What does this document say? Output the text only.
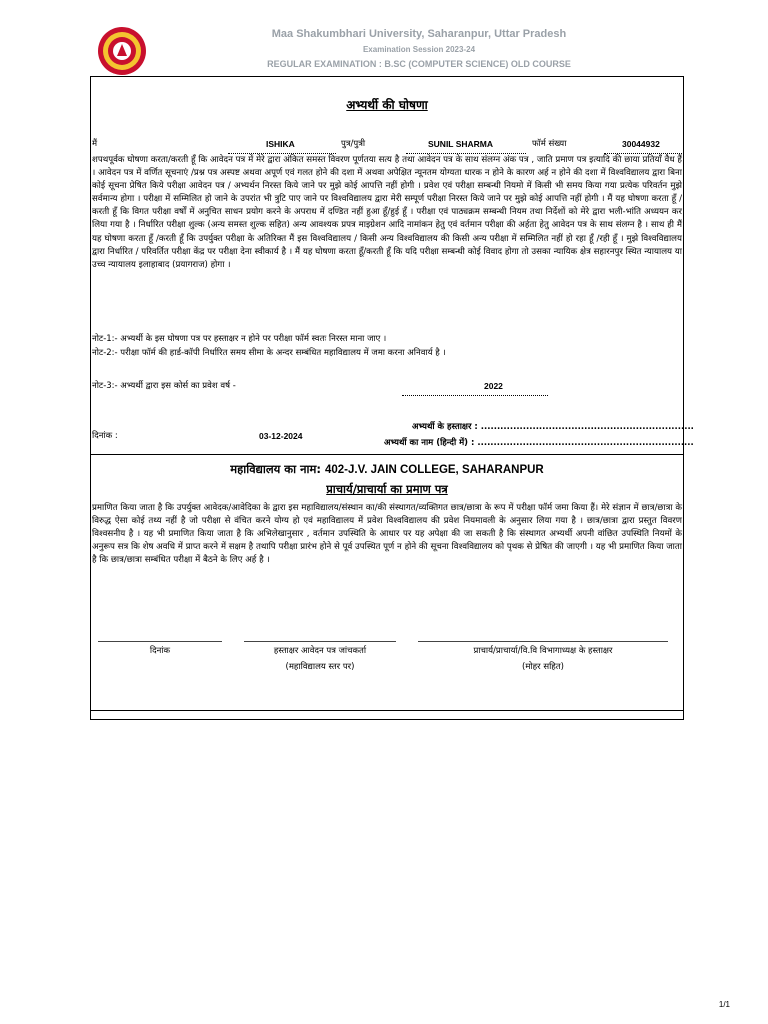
Maa Shakumbhari University, Saharanpur, Uttar Pradesh
Examination Session 2023-24
REGULAR EXAMINATION : B.SC (COMPUTER SCIENCE) OLD COURSE
अभ्यर्थी की घोषणा
मैं	ISHIKA	पुत्र/पुत्री	SUNIL SHARMA	फॉर्म संख्या	30044932
शपथपूर्वक घोषणा करता/करती हूँ कि आवेदन पत्र में मेरे द्वारा अंकित समस्त विवरण पूर्णतया सत्य है तथा आवेदन पत्र के साथ संलग्न अंक पत्र , जाति प्रमाण पत्र इत्यादि की छाया प्रतियाँ वैध हैं । आवेदन पत्र में वर्णित सूचनाएं /प्रश्न पत्र अस्पष्ट अथवा अपूर्ण एवं गलत होने की दशा में अथवा अपेक्षित न्यूनतम योग्यता धारक न होने के कारण अर्ह न होने की दशा में विश्वविद्यालय द्वारा बिना कोई सूचना प्रेषित किये परीक्षा आवेदन पत्र / अभ्यर्थन निरस्त किये जाने पर मुझे कोई आपत्ति नहीं होगी । प्रवेश एवं परीक्षा सम्बन्धी नियमो में किसी भी समय किया गया प्रत्येक परिवर्तन मुझे सर्वमान्य होगा । परीक्षा में सम्मिलित हो जाने के उपरांत भी त्रुटि पाए जाने पर विश्वविद्यालय द्वारा मेरी सम्पूर्ण परीक्षा निरस्त किये जाने पर मुझे कोई आपत्ति नहीं होगी । मैं यह घोषणा करता हूँ /करती हूँ कि विगत परीक्षा वर्षों में अनुचित साधन प्रयोग करने के अपराध में दण्डित नहीं हुआ हूँ/हुई हूँ । परीक्षा एवं पाठ्यक्रम सम्बन्धी नियम तथा निर्देशों को मेरे द्वारा भली-भांति अध्ययन कर लिया गया है । निर्धारित परीक्षा शुल्क (अन्य समस्त शुल्क सहित) अन्य आवश्यक प्रपत्र माइग्रेशन आदि नामांकन हेतु एवं वर्तमान परीक्षा की अर्हता हेतु आवेदन पत्र के साथ संलग्न है । साथ ही मैं यह घोषणा करता हूँ /करती हूँ कि उपर्युक्त परीक्षा के अतिरिक्त मैं इस विश्वविद्यालय / किसी अन्य विश्वविद्यालय की किसी अन्य परीक्षा में सम्मिलित नहीं हो रहा हूँ /रही हूँ । मुझे विश्वविद्यालय द्वारा निर्धारित / परिवर्तित परीक्षा केंद्र पर परीक्षा देना स्वीकार्य है । मैं यह घोषणा करता हूँ/करती हूँ कि यदि परीक्षा सम्बन्धी कोई विवाद होगा तो उसका न्यायिक क्षेत्र सहारनपुर स्थित न्यायालय या उच्च न्यायालय इलाहाबाद (प्रयागराज) होगा ।
नोट-1:- अभ्यर्थी के इस घोषणा पत्र पर हस्ताक्षर न होने पर परीक्षा फॉर्म स्वतः निरस्त माना जाए ।
नोट-2:- परीक्षा फॉर्म की हार्ड-कॉपी निर्धारित समय सीमा के अन्दर सम्बंधित महाविद्यालय में जमा करना अनिवार्य है ।
नोट-3:- अभ्यर्थी द्वारा इस कोर्स का प्रवेश वर्ष -	2022
अभ्यर्थी के हस्ताक्षर : ..................................................................
दिनांक :	03-12-2024
अभ्यर्थी का नाम (हिन्दी में) : ...................................................................
महाविद्यालय का नाम: 402-J.V. JAIN COLLEGE, SAHARANPUR
प्राचार्य/प्राचार्या का प्रमाण पत्र
प्रमाणित किया जाता है कि उपर्युक्त आवेदक/आवेदिका के द्वारा इस महाविद्यालय/संस्थान का/की संस्थागत/व्यक्तिगत छात्र/छात्रा के रूप में परीक्षा फॉर्म जमा किया हैं। मेरे संज्ञान में छात्र/छात्रा के विरुद्ध ऐसा कोई तथ्य नहीं है जो परीक्षा से वंचित करने योग्य हो एवं महाविद्यालय में प्रवेश विश्वविद्यालय की प्रवेश नियमावली के अनुसार लिया गया है । छात्र/छात्रा द्वारा प्रस्तुत विवरण विश्वसनीय है । यह भी प्रमाणित किया जाता है कि अभिलेखानुसार , वर्तमान उपस्थिति के आधार पर यह अपेक्षा की जा सकती है कि संस्थागत अभ्यर्थी अपनी वांछित उपस्थिति नियमों के अनुरूप सत्र कि शेष अवधि में प्राप्त करने में सक्षम है तथापि परीक्षा प्रारंभ होने से पूर्व उपस्थित पूर्ण न होने की सूचना विश्वविद्यालय को पृथक से प्रेषित की जाएगी । यह भी प्रमाणित किया जाता है कि छात्र/छात्रा सम्बंधित परीक्षा में बैठने के लिए अर्ह है ।
दिनांक	हस्ताक्षर आवेदन पत्र जांचकर्ता
(महाविद्यालय स्तर पर)
प्राचार्य/प्राचार्या/वि.वि विभागाध्यक्ष के हस्ताक्षर
(मोहर सहित)
1/1
